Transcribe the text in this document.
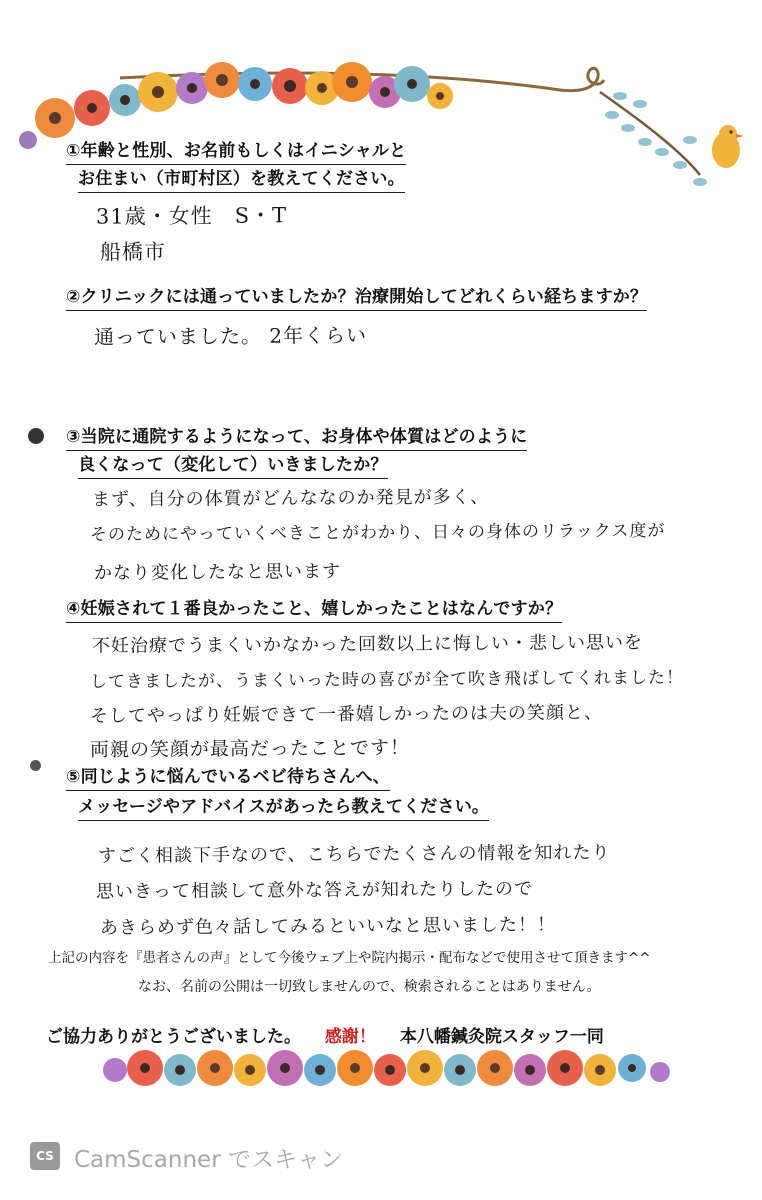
①年齢と性別、お名前もしくはイニシャルと
お住まい（市町村区）を教えてください。
②クリニックには通っていましたか？治療開始してどれくらい経ちますか？
③当院に通院するようになって、お身体や体質はどのように
良くなって（変化して）いきましたか？
④妊娠されて１番良かったこと、嬉しかったことはなんですか？
⑤同じように悩んでいるベビ待ちさんへ、
メッセージやアドバイスがあったら教えてください。
31歳・女性　S・T
船橋市
通っていました。 2年くらい
まず、自分の体質がどんななのか発見が多く、
そのためにやっていくべきことがわかり、日々の身体のリラックス度が
かなり変化したなと思います
不妊治療でうまくいかなかった回数以上に悔しい・悲しい思いを
してきましたが、うまくいった時の喜びが全て吹き飛ばしてくれました！
そしてやっぱり妊娠できて一番嬉しかったのは夫の笑顔と、
両親の笑顔が最高だったことです！
すごく相談下手なので、こちらでたくさんの情報を知れたり
思いきって相談して意外な答えが知れたりしたので
あきらめず色々話してみるといいなと思いました！！
上記の内容を『患者さんの声』として今後ウェブ上や院内掲示・配布などで使用させて頂きます^^
なお、名前の公開は一切致しませんので、検索されることはありません。
ご協力ありがとうございました。 感謝！ 本八幡鍼灸院スタッフ一同
CS CamScanner でスキャン
